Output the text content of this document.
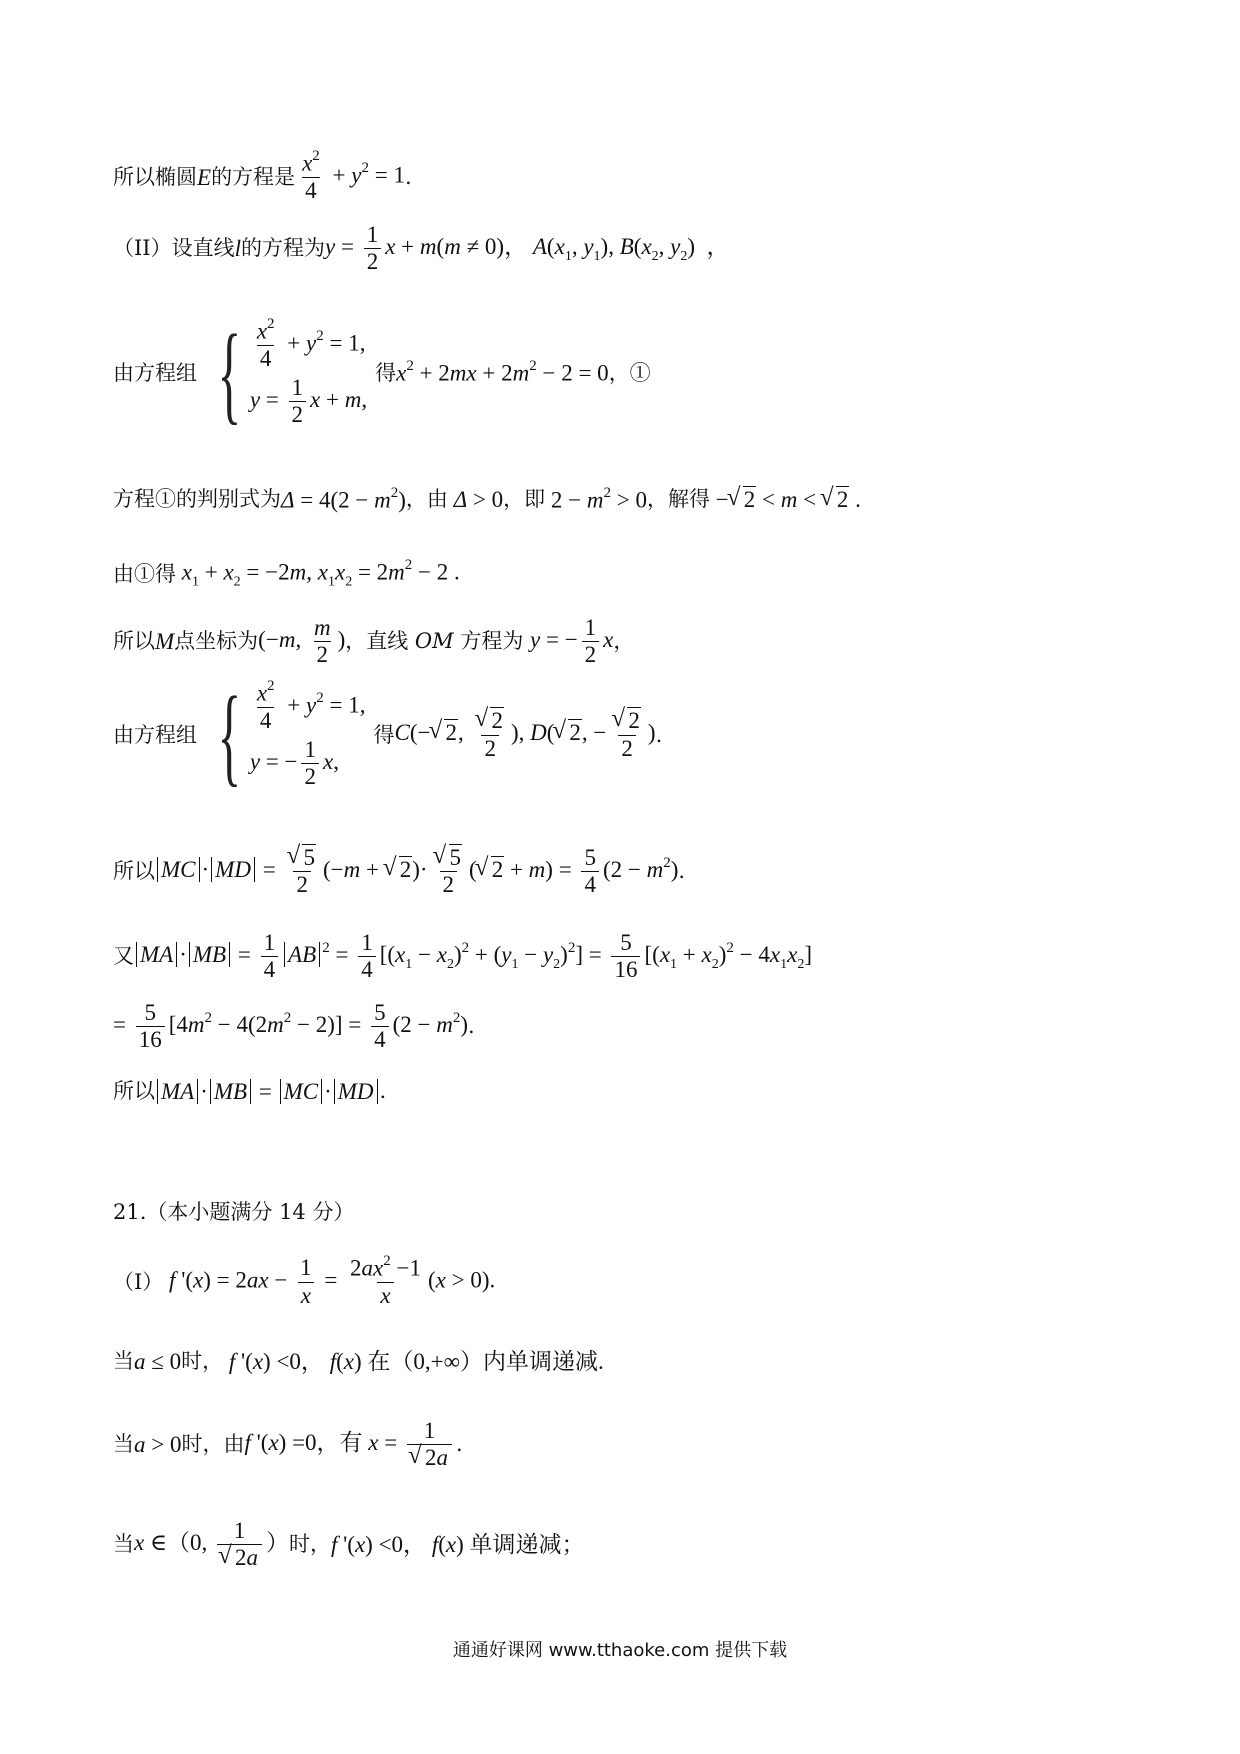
所以椭圆 E 的方程是 $\frac{x^2}{4} + y^2 = 1$ .
（II）设直线 l 的方程为 $y = \frac{1}{2}$ x + m(m ≠ 0)， $A(x_1$, $y_1$), $B(x_2$, $y_2$)  ，
由方程组 { $\frac{x^2}{4} + y^2 = 1$,
$y = \frac{1}{2}$ x + m,
得 $x^2 + 2mx + 2m^2 - 2 = 0$ ，①
方程①的判别式为 $\Delta = 4(2 - m^2)$ ，由 Δ > 0 ，即 $2 - m^2 > 0$ ，解得 − √ 2 < m < √ 2 .
由①得 $x_1 + x_2 = -2m$, $x_1x_2 = 2m^2 - 2$ .
所以 M 点坐标为 (−m, $\frac{m}{2}$ ) ，直线 OM 方程为 y = − $\frac{1}{2}$ x ，
由方程组 { $\frac{x^2}{4} + y^2 = 1$,
y = − $\frac{1}{2} x$,
得 C(− √ 2, √ $\frac{2}{2}$ ), D( √ 2, − √ $\frac{2}{2}$ ) .
所以 MC · MD = √ $\frac{5}{2} (-m$ + √ 2)· √ $\frac{5}{2}$ ( √ $2 + m) = \frac{5}{4} (2 - m^2)$ .
又 MA · MB = $\frac{1}{4}$ AB $^2 = \frac{1}{4} [(x_1 - x_2)^2 + (y_1 - y_2)^2] = \frac{5}{16} [(x_1 + x_2)^2 - 4x_1x_2]$
= $\frac{5}{16} [4m^2 - 4(2m^2 - 2)] = \frac{5}{4} (2 - m^2)$ .
所以 MA · MB = MC · MD .
21.（本小题满分 14 分）
（I） f '$(x) = 2ax - \frac{1}{x} = \frac{2ax^2 -1}{x} (x > 0)$.
当 a ≤ 0 时， f '(x) <0， f(x) 在（0,+∞）内单调递减.
当 a > 0 时，由 f '(x) =0，有 x = 1
√ 2a .
当 x ∈（0, 1
√ 2a ） 时， f '(x) <0， f(x) 单调递减；
通通好课网 www.tthaoke.com 提供下载
